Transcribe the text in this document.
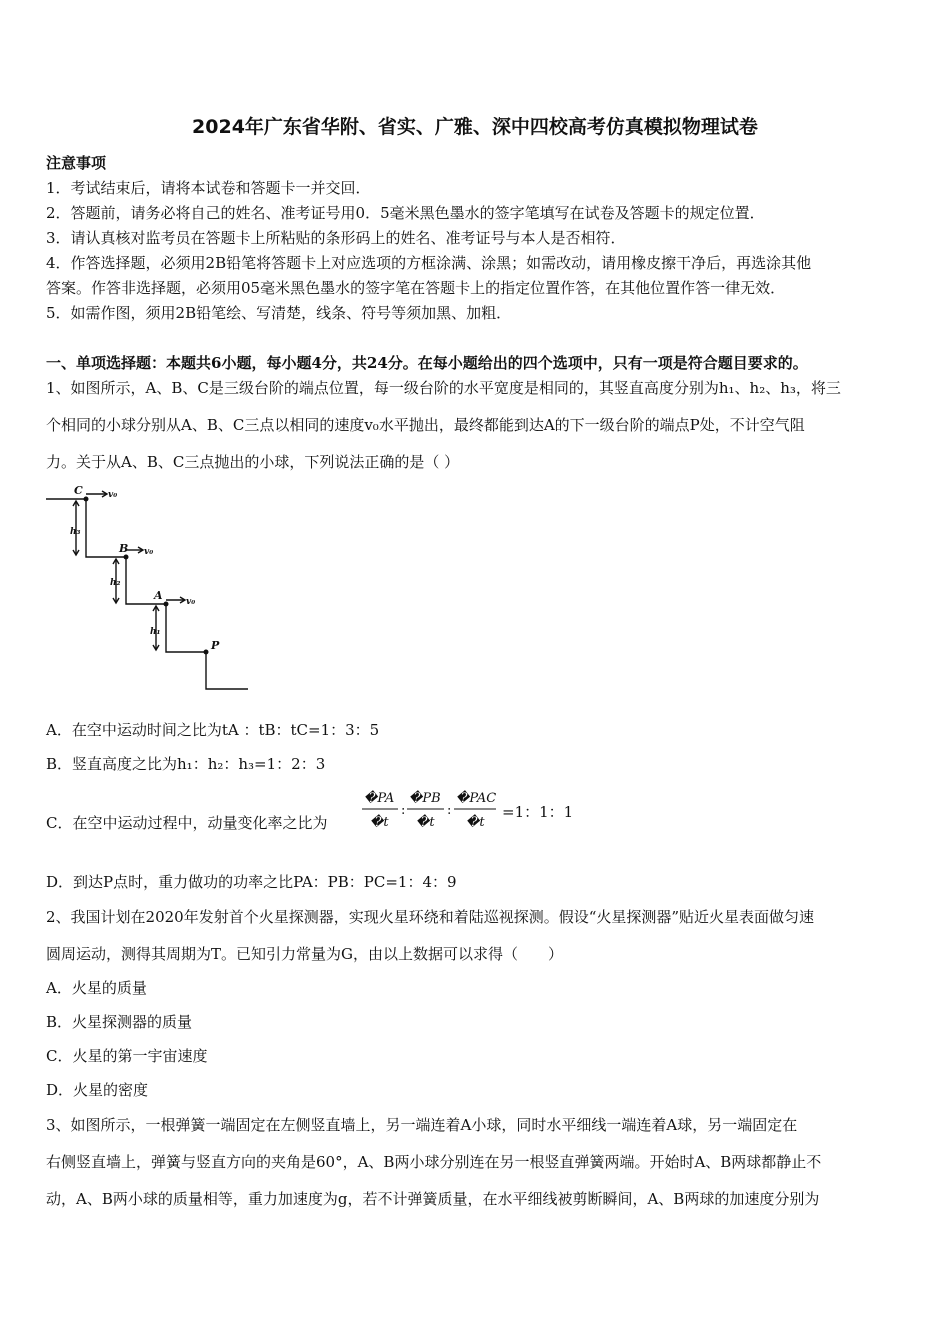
2024年广东省华附、省实、广雅、深中四校高考仿真模拟物理试卷
注意事项
1．考试结束后，请将本试卷和答题卡一并交回．
2．答题前，请务必将自己的姓名、准考证号用0．5毫米黑色墨水的签字笔填写在试卷及答题卡的规定位置．
3．请认真核对监考员在答题卡上所粘贴的条形码上的姓名、准考证号与本人是否相符．
4．作答选择题，必须用2B铅笔将答题卡上对应选项的方框涂满、涂黑；如需改动，请用橡皮擦干净后，再选涂其他
答案。作答非选择题，必须用05毫米黑色墨水的签字笔在答题卡上的指定位置作答，在其他位置作答一律无效．
5．如需作图，须用2B铅笔绘、写清楚，线条、符号等须加黑、加粗．
一、单项选择题：本题共6小题，每小题4分，共24分。在每小题给出的四个选项中，只有一项是符合题目要求的。
1、如图所示，A、B、C是三级台阶的端点位置，每一级台阶的水平宽度是相同的，其竖直高度分别为h₁、h₂、h₃，将三
个相同的小球分别从A、B、C三点以相同的速度v₀水平抛出，最终都能到达A的下一级台阶的端点P处，不计空气阻
力。关于从A、B、C三点抛出的小球，下列说法正确的是（ ）
C	v₀
h₃
B v₀
h₂
A	v₀
h₁
P
A．在空中运动时间之比为tA ：tB：tC=1：3：5
B．竖直高度之比为h₁：h₂：h₃=1：2：3
C．在空中运动过程中，动量变化率之比为
�PA �PB �PAC
�t �t �t
:	:	=1：1：1
D．到达P点时，重力做功的功率之比PA：PB：PC=1：4：9
2、我国计划在2020年发射首个火星探测器，实现火星环绕和着陆巡视探测。假设“火星探测器”贴近火星表面做匀速
圆周运动，测得其周期为T。已知引力常量为G，由以上数据可以求得（　　）
A．火星的质量
B．火星探测器的质量
C．火星的第一宇宙速度
D．火星的密度
3、如图所示，一根弹簧一端固定在左侧竖直墙上，另一端连着A小球，同时水平细线一端连着A球，另一端固定在
右侧竖直墙上，弹簧与竖直方向的夹角是60°，A、B两小球分别连在另一根竖直弹簧两端。开始时A、B两球都静止不
动，A、B两小球的质量相等，重力加速度为g，若不计弹簧质量，在水平细线被剪断瞬间，A、B两球的加速度分别为
